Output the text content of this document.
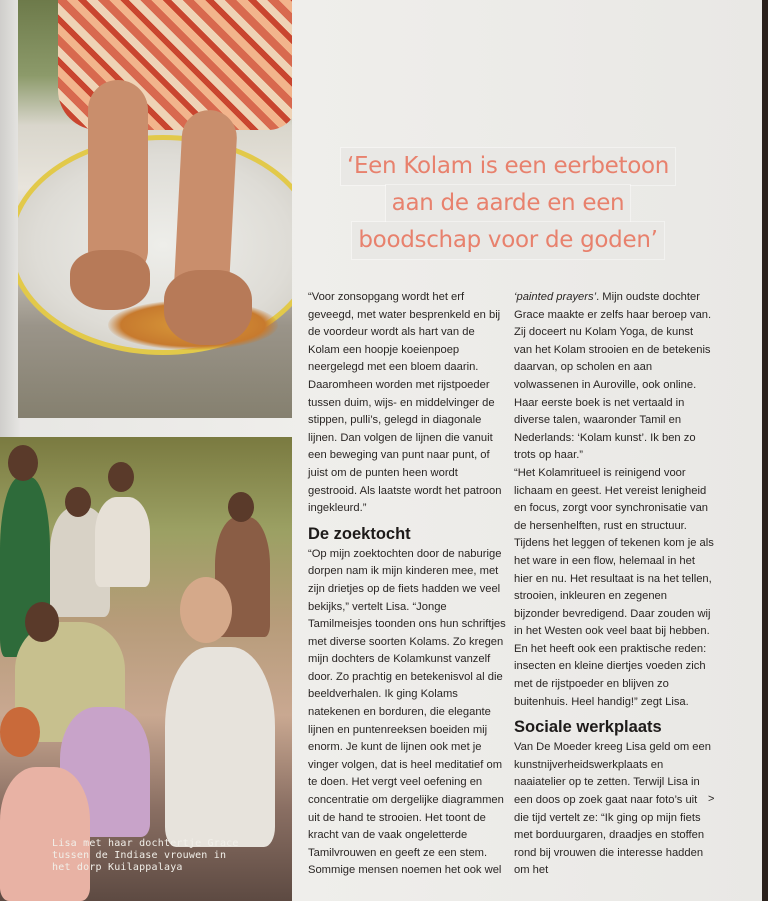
Lisa met haar dochtertje Grace
tussen de Indiase vrouwen in
het dorp Kuilappalaya
‘Een Kolam is een eerbetoon
aan de aarde en een
boodschap voor de goden’

“Voor zonsopgang wordt het erf geveegd, met water besprenkeld en bij de voordeur wordt als hart van de Kolam een hoopje koeienpoep neergelegd met een bloem daarin. Daaromheen worden met rijstpoeder tussen duim, wijs- en middelvinger de stippen, pulli’s, gelegd in diagonale lijnen. Dan volgen de lijnen die vanuit een beweging van punt naar punt, of juist om de punten heen wordt gestrooid. Als laatste wordt het patroon ingekleurd.”

De zoektocht

“Op mijn zoektochten door de naburige dorpen nam ik mijn kinderen mee, met zijn drietjes op de fiets hadden we veel bekijks,” vertelt Lisa. “Jonge Tamilmeisjes toonden ons hun schriftjes met diverse soorten Kolams. Zo kregen mijn dochters de Kolamkunst vanzelf door. Zo prachtig en betekenisvol al die beeldverhalen. Ik ging Kolams natekenen en borduren, die elegante lijnen en puntenreeksen boeiden mij enorm. Je kunt de lijnen ook met je vinger volgen, dat is heel meditatief om te doen. Het vergt veel oefening en concentratie om dergelijke diagrammen uit de hand te strooien. Het toont de kracht van de vaak ongeletterde Tamilvrouwen en geeft ze een stem. Sommige mensen noemen het ook wel

‘painted prayers’. Mijn oudste dochter Grace maakte er zelfs haar beroep van. Zij doceert nu Kolam Yoga, de kunst van het Kolam strooien en de betekenis daarvan, op scholen en aan volwassenen in Auroville, ook online. Haar eerste boek is net vertaald in diverse talen, waaronder Tamil en Nederlands: ‘Kolam kunst’. Ik ben zo trots op haar.”

“Het Kolamritueel is reinigend voor lichaam en geest. Het vereist lenigheid en focus, zorgt voor synchronisatie van de hersenhelften, rust en structuur. Tijdens het leggen of tekenen kom je als het ware in een flow, helemaal in het hier en nu. Het resultaat is na het tellen, strooien, inkleuren en zegenen bijzonder bevredigend. Daar zouden wij in het Westen ook veel baat bij hebben. En het heeft ook een praktische reden: insecten en kleine diertjes voeden zich met de rijstpoeder en blijven zo buitenhuis. Heel handig!” zegt Lisa.

Sociale werkplaats

Van De Moeder kreeg Lisa geld om een kunstnijverheidswerkplaats en naaiatelier op te zetten. Terwijl Lisa in een doos op zoek gaat naar foto’s uit die tijd vertelt ze: “Ik ging op mijn fiets met borduurgaren, draadjes en stoffen rond bij vrouwen die interesse hadden om het

>
